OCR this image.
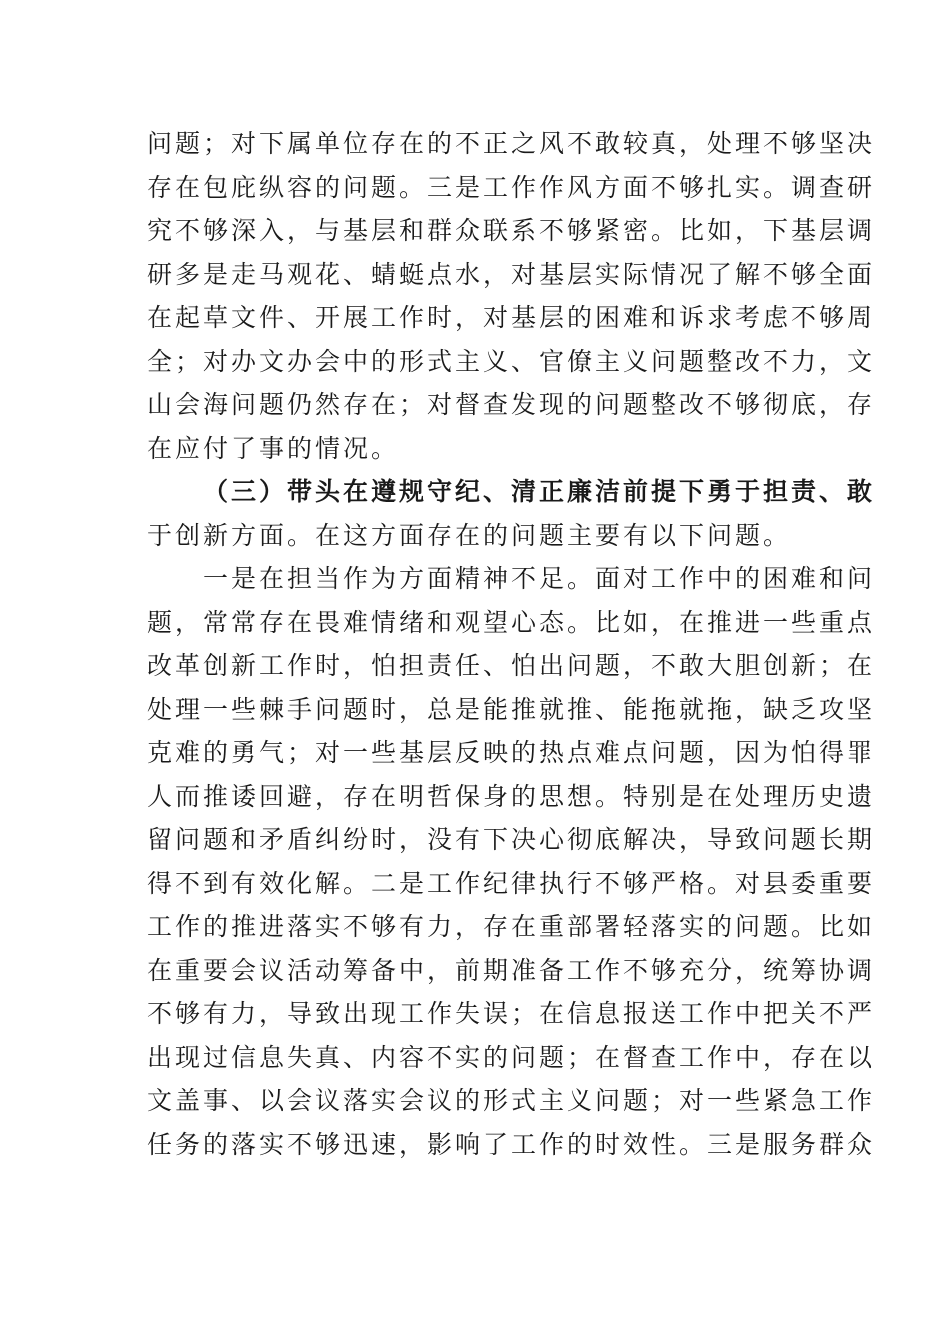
问题；对下属单位存在的不正之风不敢较真，处理不够坚决
存在包庇纵容的问题。三是工作作风方面不够扎实。调查研
究不够深入，与基层和群众联系不够紧密。比如，下基层调
研多是走马观花、蜻蜓点水，对基层实际情况了解不够全面
在起草文件、开展工作时，对基层的困难和诉求考虑不够周
全；对办文办会中的形式主义、官僚主义问题整改不力，文
山会海问题仍然存在；对督查发现的问题整改不够彻底，存
在应付了事的情况。
（三）带头在遵规守纪、清正廉洁前提下勇于担责、敢
于创新方面。在这方面存在的问题主要有以下问题。
一是在担当作为方面精神不足。面对工作中的困难和问
题，常常存在畏难情绪和观望心态。比如，在推进一些重点
改革创新工作时，怕担责任、怕出问题，不敢大胆创新；在
处理一些棘手问题时，总是能推就推、能拖就拖，缺乏攻坚
克难的勇气；对一些基层反映的热点难点问题，因为怕得罪
人而推诿回避，存在明哲保身的思想。特别是在处理历史遗
留问题和矛盾纠纷时，没有下决心彻底解决，导致问题长期
得不到有效化解。二是工作纪律执行不够严格。对县委重要
工作的推进落实不够有力，存在重部署轻落实的问题。比如
在重要会议活动筹备中，前期准备工作不够充分，统筹协调
不够有力，导致出现工作失误；在信息报送工作中把关不严
出现过信息失真、内容不实的问题；在督查工作中，存在以
文盖事、以会议落实会议的形式主义问题；对一些紧急工作
任务的落实不够迅速，影响了工作的时效性。三是服务群众
